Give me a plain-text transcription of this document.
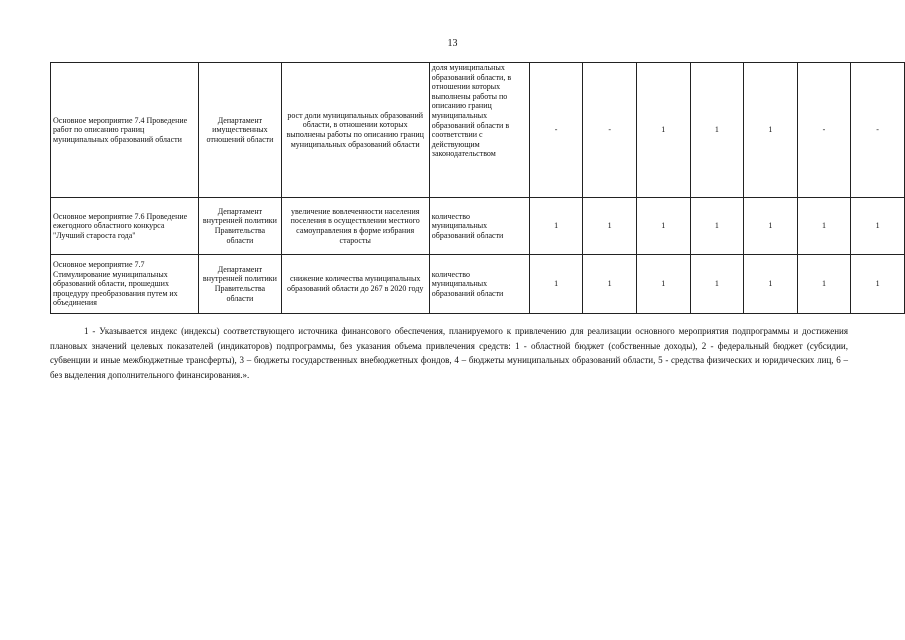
13
Основное мероприятие 7.4 Проведение работ по описанию границ муниципальных образований области	Департамент имущественных отношений области	рост доли муниципальных образований области, в отношении которых выполнены работы по описанию границ муниципальных образований области	доля муниципальных образований области, в отношении которых выполнены работы по описанию границ муниципальных образований области в соответствии с действующим законодательством	-	-	1	1	1	-	-
Основное мероприятие 7.6 Проведение ежегодного областного конкурса "Лучший староста года"	Департамент внутренней политики Правительства области	увеличение вовлеченности населения поселения в осуществлении местного самоуправления в форме избрания старосты	количество муниципальных образований области	1	1	1	1	1	1	1
Основное мероприятие 7.7 Стимулирование муниципальных образований области, прошедших процедуру преобразования путем их объединения	Департамент внутренней политики Правительства области	снижение количества муниципальных образований области до 267 в 2020 году	количество муниципальных образований области	1	1	1	1	1	1	1
1 - Указывается индекс (индексы) соответствующего источника финансового обеспечения, планируемого к привлечению для реализации основного мероприятия подпрограммы и достижения плановых значений целевых показателей (индикаторов) подпрограммы, без указания объема привлечения средств: 1 - областной бюджет (собственные доходы), 2 - федеральный бюджет (субсидии, субвенции и иные межбюджетные трансферты), 3 – бюджеты государственных внебюджетных фондов, 4 – бюджеты муниципальных образований области, 5 - средства физических и юридических лиц, 6 – без выделения дополнительного финансирования.».
